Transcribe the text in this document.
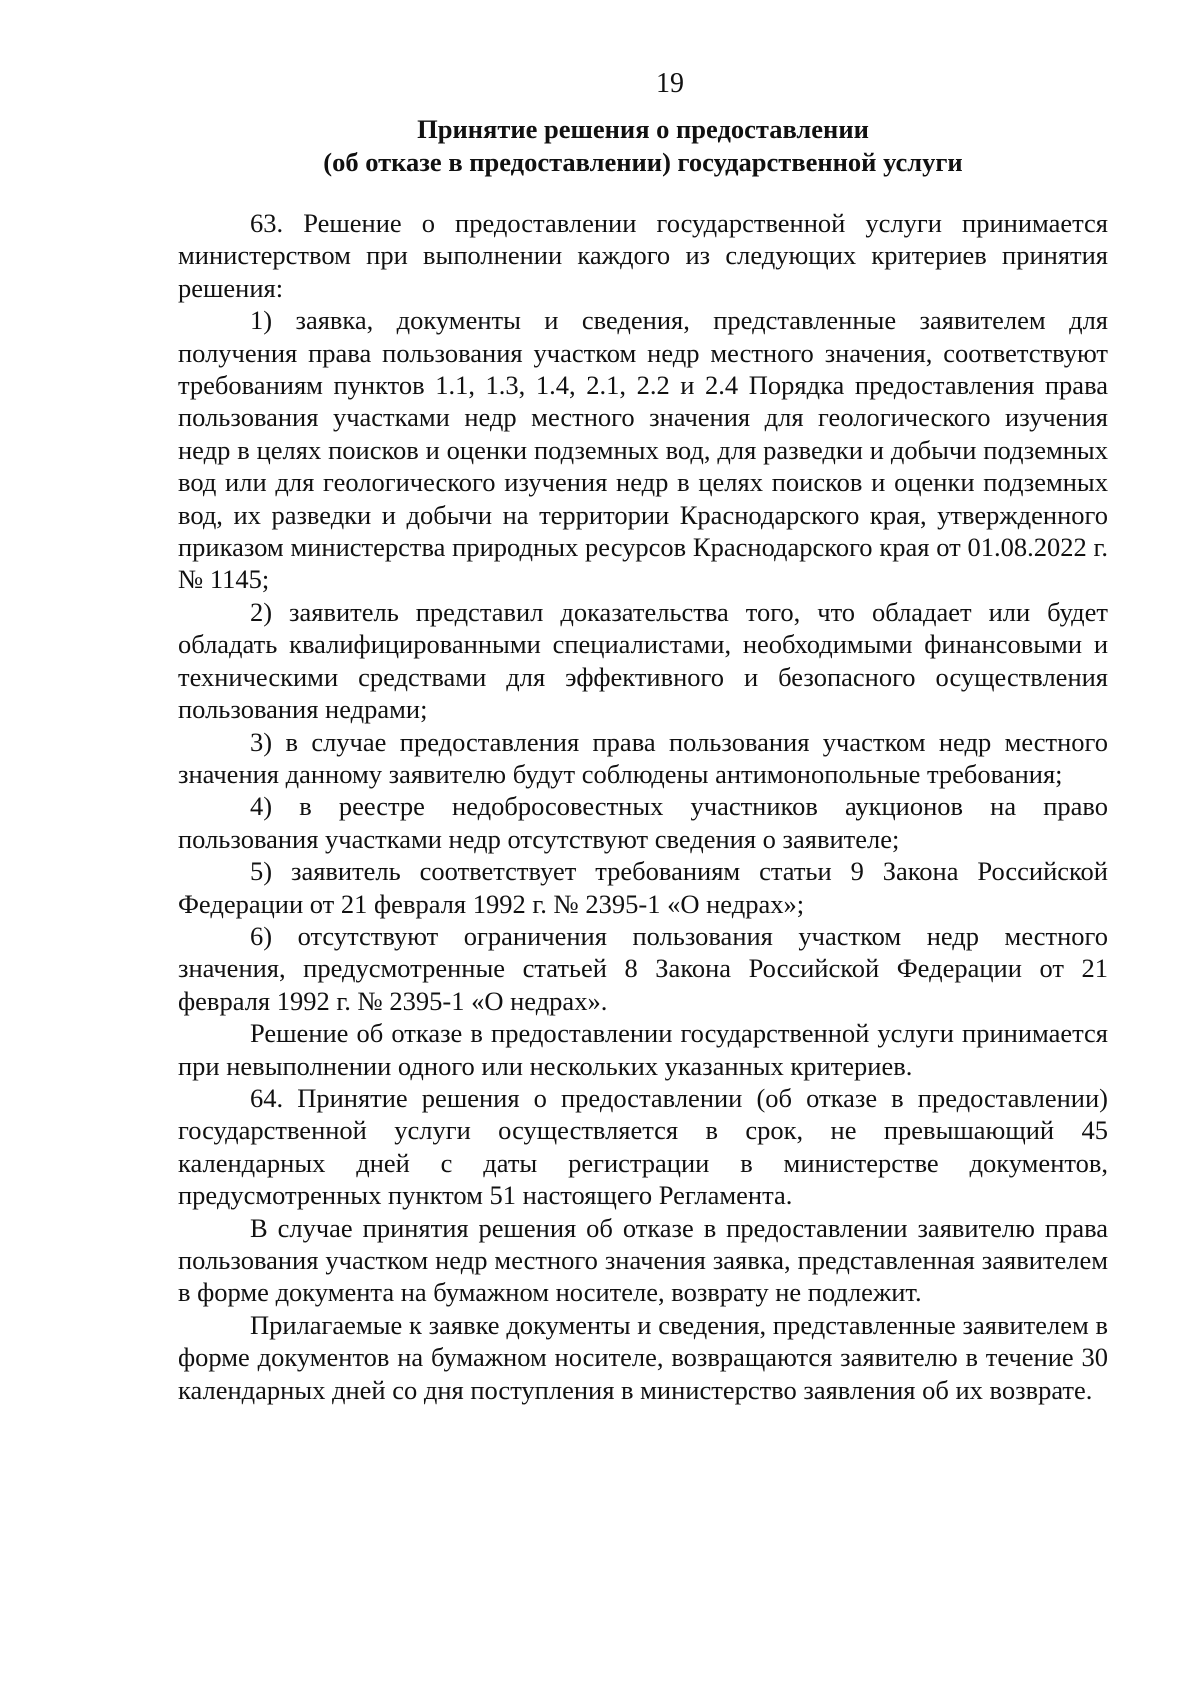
19
Принятие решения о предоставлении
(об отказе в предоставлении) государственной услуги

63. Решение о предоставлении государственной услуги принимается министерством при выполнении каждого из следующих критериев принятия решения:

1) заявка, документы и сведения, представленные заявителем для получения права пользования участком недр местного значения, соответствуют требованиям пунктов 1.1, 1.3, 1.4, 2.1, 2.2 и 2.4 Порядка предоставления права пользования участками недр местного значения для геологического изучения недр в целях поисков и оценки подземных вод, для разведки и добычи подземных вод или для геологического изучения недр в целях поисков и оценки подземных вод, их разведки и добычи на территории Краснодарского края, утвержденного приказом министерства природных ресурсов Краснодарского края от 01.08.2022 г. № 1145;

2) заявитель представил доказательства того, что обладает или будет обладать квалифицированными специалистами, необходимыми финансовыми и техническими средствами для эффективного и безопасного осуществления пользования недрами;

3) в случае предоставления права пользования участком недр местного значения данному заявителю будут соблюдены антимонопольные требования;

4) в реестре недобросовестных участников аукционов на право пользования участками недр отсутствуют сведения о заявителе;

5) заявитель соответствует требованиям статьи 9 Закона Российской Федерации от 21 февраля 1992 г. № 2395-1 «О недрах»;

6) отсутствуют ограничения пользования участком недр местного значения, предусмотренные статьей 8 Закона Российской Федерации от 21 февраля 1992 г. № 2395-1 «О недрах».

Решение об отказе в предоставлении государственной услуги принимается при невыполнении одного или нескольких указанных критериев.

64. Принятие решения о предоставлении (об отказе в предоставлении) государственной услуги осуществляется в срок, не превышающий 45 календарных дней с даты регистрации в министерстве документов, предусмотренных пунктом 51 настоящего Регламента.

В случае принятия решения об отказе в предоставлении заявителю права пользования участком недр местного значения заявка, представленная заявителем в форме документа на бумажном носителе, возврату не подлежит.

Прилагаемые к заявке документы и сведения, представленные заявителем в форме документов на бумажном носителе, возвращаются заявителю в течение 30 календарных дней со дня поступления в министерство заявления об их возврате.
